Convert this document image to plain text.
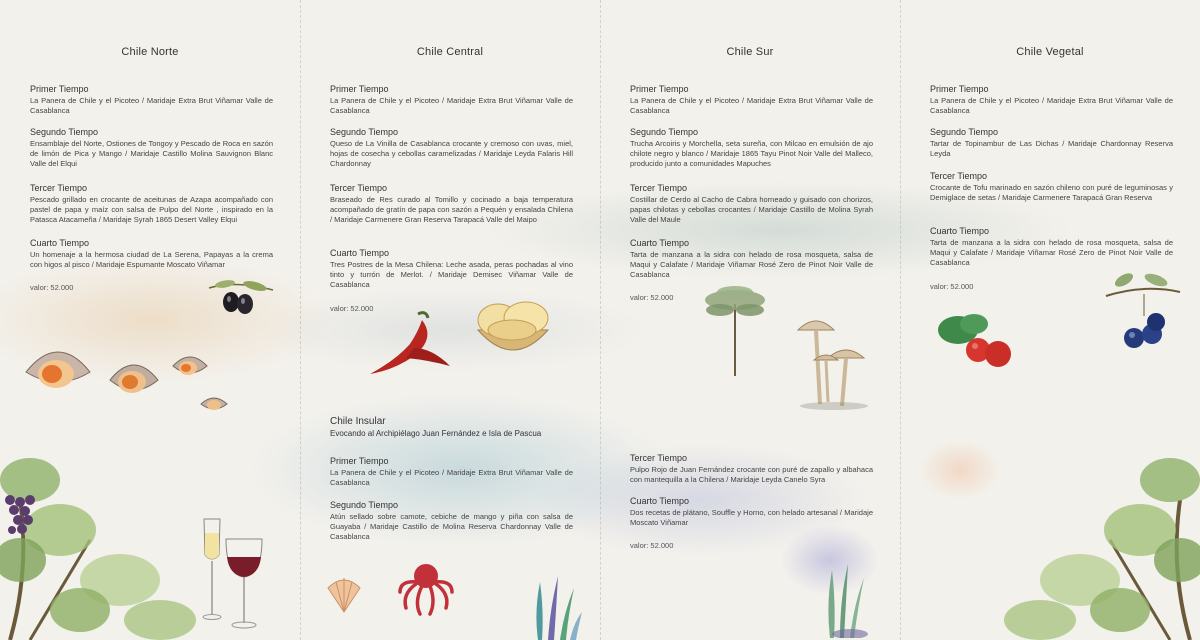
Chile Norte
Primer Tiempo
La Panera de Chile y el Picoteo / Maridaje Extra Brut Viñamar Valle de Casablanca
Segundo Tiempo
Ensamblaje del Norte, Ostiones de Tongoy y Pescado de Roca en sazón de limón de Pica y Mango / Maridaje Castillo Molina Sauvignon Blanc Valle del Elqui
Tercer Tiempo
Pescado grillado en crocante de aceitunas de Azapa acompañado con pastel de papa y maíz con salsa de Pulpo del Norte , inspirado en la Patasca Atacameña / Maridaje Syrah 1865 Desert Valley Elqui
Cuarto Tiempo
Un homenaje a la hermosa ciudad de La Serena, Papayas a la crema con higos al pisco / Maridaje Espumante Moscato Viñamar
valor: 52.000
Chile Central
Primer Tiempo
La Panera de Chile y el Picoteo / Maridaje Extra Brut Viñamar Valle de Casablanca
Segundo Tiempo
Queso de La Vinilla de Casablanca crocante y cremoso con uvas, miel, hojas de cosecha y cebollas caramelizadas / Maridaje Leyda Falaris Hill Chardonnay
Tercer Tiempo
Braseado de Res curado al Tomillo y cocinado a baja temperatura acompañado de gratín de papa con sazón a Pequén y ensalada Chilena / Maridaje Carmenere Gran Reserva Tarapacá Valle del Maipo
Cuarto Tiempo
Tres Postres de la Mesa Chilena: Leche asada, peras pochadas al vino tinto y turrón de Merlot. / Maridaje Demisec Viñamar Valle de Casablanca
valor: 52.000
Chile Insular
Evocando al Archipiélago Juan Fernández e Isla de Pascua
Primer Tiempo
La Panera de Chile y el Picoteo / Maridaje Extra Brut Viñamar Valle de Casablanca
Segundo Tiempo
Atún sellado sobre camote, cebiche de mango y piña con salsa de Guayaba / Maridaje Castillo de Molina Reserva Chardonnay Valle de Casablanca
Chile Sur
Primer Tiempo
La Panera de Chile y el Picoteo / Maridaje Extra Brut Viñamar Valle de Casablanca
Segundo Tiempo
Trucha Arcoiris y Morchella, seta sureña, con Milcao en emulsión de ajo chilote negro y blanco / Maridaje 1865 Tayu Pinot Noir Valle del Malleco, producido junto a comunidades Mapuches
Tercer Tiempo
Costillar de Cerdo al Cacho de Cabra horneado y guisado con chorizos, papas chilotas y cebollas crocantes / Maridaje Castillo de Molina Syrah Valle del Maule
Cuarto Tiempo
Tarta de manzana a la sidra con helado de rosa mosqueta, salsa de Maqui y Calafate / Maridaje Viñamar Rosé Zero de Pinot Noir Valle de Casablanca
valor: 52.000
Tercer Tiempo
Pulpo Rojo de Juan Fernández crocante con puré de zapallo y albahaca con mantequilla a la Chilena / Maridaje Leyda Canelo Syra
Cuarto Tiempo
Dos recetas de plátano, Souffle y Horno, con helado artesanal / Maridaje Moscato Viñamar
valor: 52.000
Chile Vegetal
Primer Tiempo
La Panera de Chile y el Picoteo / Maridaje Extra Brut Viñamar Valle de Casablanca
Segundo Tiempo
Tartar de Topinambur de Las Dichas / Maridaje Chardonnay Reserva Leyda
Tercer Tiempo
Crocante de Tofu marinado en sazón chileno con puré de leguminosas y Demiglace de setas / Maridaje Carmenere Tarapacá Gran Reserva
Cuarto Tiempo
Tarta de manzana a la sidra con helado de rosa mosqueta, salsa de Maqui y Calafate / Maridaje Viñamar Rosé Zero de Pinot Noir Valle de Casablanca
valor: 52.000
